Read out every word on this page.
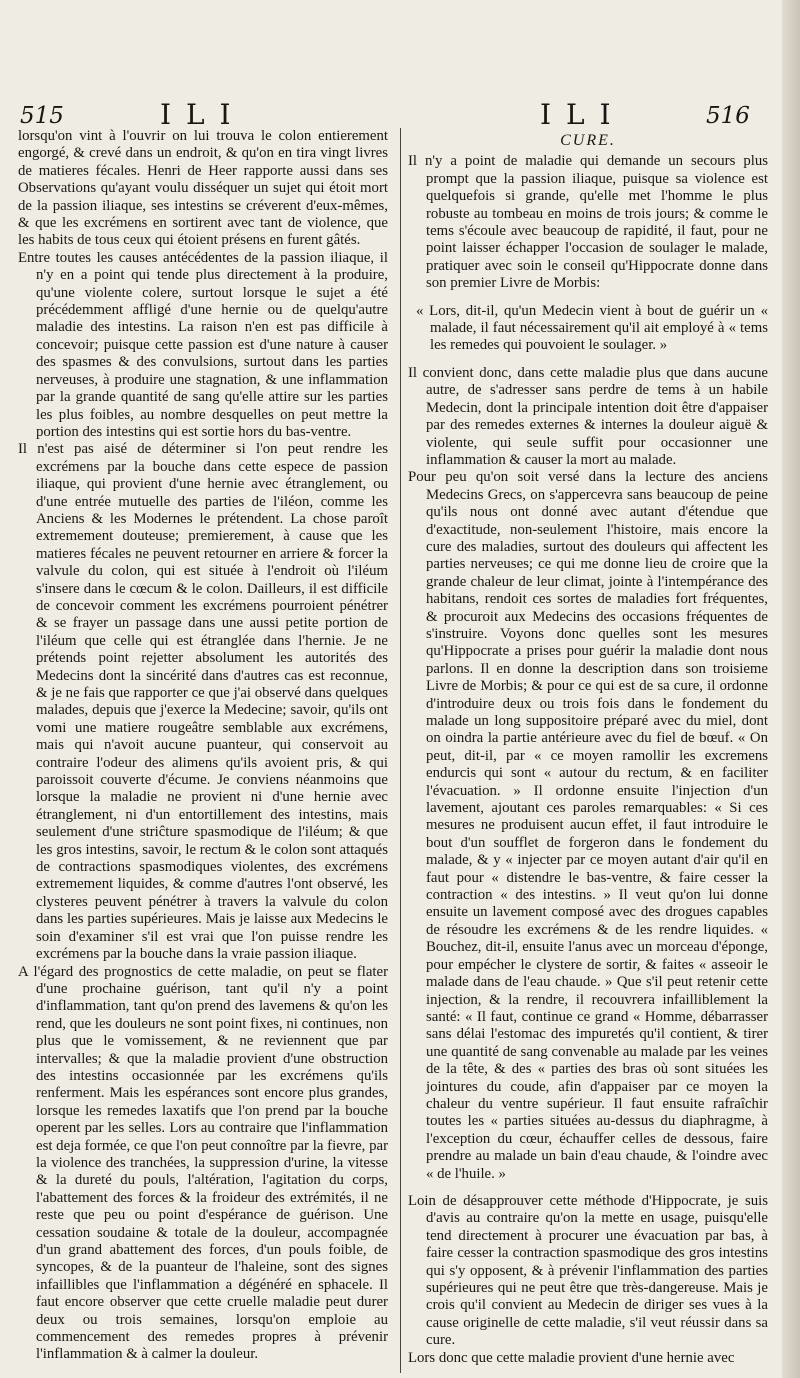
515	I L I	I L I	516

lorsqu'on vint à l'ouvrir on lui trouva le colon entierement engorgé, & crevé dans un endroit, & qu'on en tira vingt livres de matieres fécales. Henri de Heer rapporte aussi dans ses Observations qu'ayant voulu disséquer un sujet qui étoit mort de la passion iliaque, ses intestins se créverent d'eux-mêmes, & que les excrémens en sortirent avec tant de violence, que les habits de tous ceux qui étoient présens en furent gâtés.

Entre toutes les causes antécédentes de la passion iliaque, il n'y en a point qui tende plus directement à la produire, qu'une violente colere, surtout lorsque le sujet a été précédemment affligé d'une hernie ou de quelqu'autre maladie des intestins. La raison n'en est pas difficile à concevoir; puisque cette passion est d'une nature à causer des spasmes & des convulsions, surtout dans les parties nerveuses, à produire une stagnation, & une inflammation par la grande quantité de sang qu'elle attire sur les parties les plus foibles, au nombre desquelles on peut mettre la portion des intestins qui est sortie hors du bas-ventre.

Il n'est pas aisé de déterminer si l'on peut rendre les excrémens par la bouche dans cette espece de passion iliaque, qui provient d'une hernie avec étranglement, ou d'une entrée mutuelle des parties de l'iléon, comme les Anciens & les Modernes le prétendent. La chose paroît extremement douteuse; premierement, à cause que les matieres fécales ne peuvent retourner en arriere & forcer la valvule du colon, qui est située à l'endroit où l'iléum s'insere dans le cœcum & le colon. Dailleurs, il est difficile de concevoir comment les excrémens pourroient pénétrer & se frayer un passage dans une aussi petite portion de l'iléum que celle qui est étranglée dans l'hernie. Je ne prétends point rejetter absolument les autorités des Medecins dont la sincérité dans d'autres cas est reconnue, & je ne fais que rapporter ce que j'ai observé dans quelques malades, depuis que j'exerce la Medecine; savoir, qu'ils ont vomi une matiere rougeâtre semblable aux excrémens, mais qui n'avoit aucune puanteur, qui conservoit au contraire l'odeur des alimens qu'ils avoient pris, & qui paroissoit couverte d'écume. Je conviens néanmoins que lorsque la maladie ne provient ni d'une hernie avec étranglement, ni d'un entortillement des intestins, mais seulement d'une striĉture spasmodique de l'iléum; & que les gros intestins, savoir, le rectum & le colon sont attaqués de contractions spasmodiques violentes, des excrémens extremement liquides, & comme d'autres l'ont observé, les clysteres peuvent pénétrer à travers la valvule du colon dans les parties supérieures. Mais je laisse aux Medecins le soin d'examiner s'il est vrai que l'on puisse rendre les excrémens par la bouche dans la vraie passion iliaque.

A l'égard des prognostics de cette maladie, on peut se flater d'une prochaine guérison, tant qu'il n'y a point d'inflammation, tant qu'on prend des lavemens & qu'on les rend, que les douleurs ne sont point fixes, ni continues, non plus que le vomissement, & ne reviennent que par intervalles; & que la maladie provient d'une obstruction des intestins occasionnée par les excrémens qu'ils renferment. Mais les espérances sont encore plus grandes, lorsque les remedes laxatifs que l'on prend par la bouche operent par les selles. Lors au contraire que l'inflammation est deja formée, ce que l'on peut connoître par la fievre, par la violence des tranchées, la suppression d'urine, la vitesse & la dureté du pouls, l'altération, l'agitation du corps, l'abattement des forces & la froideur des extrémités, il ne reste que peu ou point d'espérance de guérison. Une cessation soudaine & totale de la douleur, accompagnée d'un grand abattement des forces, d'un pouls foible, de syncopes, & de la puanteur de l'haleine, sont des signes infaillibles que l'inflammation a dégénéré en sphacele. Il faut encore observer que cette cruelle maladie peut durer deux ou trois semaines, lorsqu'on emploie au commencement des remedes propres à prévenir l'inflammation & à calmer la douleur.

CURE.

Il n'y a point de maladie qui demande un secours plus prompt que la passion iliaque, puisque sa violence est quelquefois si grande, qu'elle met l'homme le plus robuste au tombeau en moins de trois jours; & comme le tems s'écoule avec beaucoup de rapidité, il faut, pour ne point laisser échapper l'occasion de soulager le malade, pratiquer avec soin le conseil qu'Hippocrate donne dans son premier Livre de Morbis:

« Lors, dit-il, qu'un Medecin vient à bout de guérir un « malade, il faut nécessairement qu'il ait employé à « tems les remedes qui pouvoient le soulager. »

Il convient donc, dans cette maladie plus que dans aucune autre, de s'adresser sans perdre de tems à un habile Medecin, dont la principale intention doit être d'appaiser par des remedes externes & internes la douleur aiguë & violente, qui seule suffit pour occasionner une inflammation & causer la mort au malade.

Pour peu qu'on soit versé dans la lecture des anciens Medecins Grecs, on s'appercevra sans beaucoup de peine qu'ils nous ont donné avec autant d'étendue que d'exactitude, non-seulement l'histoire, mais encore la cure des maladies, surtout des douleurs qui affectent les parties nerveuses; ce qui me donne lieu de croire que la grande chaleur de leur climat, jointe à l'intempérance des habitans, rendoit ces sortes de maladies fort fréquentes, & procuroit aux Medecins des occasions fréquentes de s'instruire. Voyons donc quelles sont les mesures qu'Hippocrate a prises pour guérir la maladie dont nous parlons. Il en donne la description dans son troisieme Livre de Morbis; & pour ce qui est de sa cure, il ordonne d'introduire deux ou trois fois dans le fondement du malade un long suppositoire préparé avec du miel, dont on oindra la partie antérieure avec du fiel de bœuf. « On peut, dit-il, par « ce moyen ramollir les excremens endurcis qui sont « autour du rectum, & en faciliter l'évacuation. » Il ordonne ensuite l'injection d'un lavement, ajoutant ces paroles remarquables: « Si ces mesures ne produisent aucun effet, il faut introduire le bout d'un soufflet de forgeron dans le fondement du malade, & y « injecter par ce moyen autant d'air qu'il en faut pour « distendre le bas-ventre, & faire cesser la contraction « des intestins. » Il veut qu'on lui donne ensuite un lavement composé avec des drogues capables de résoudre les excrémens & de les rendre liquides. « Bouchez, dit-il, ensuite l'anus avec un morceau d'éponge, pour empécher le clystere de sortir, & faites « asseoir le malade dans de l'eau chaude. » Que s'il peut retenir cette injection, & la rendre, il recouvrera infailliblement la santé: « Il faut, continue ce grand « Homme, débarrasser sans délai l'estomac des impuretés qu'il contient, & tirer une quantité de sang convenable au malade par les veines de la tête, & des « parties des bras où sont situées les jointures du coude, afin d'appaiser par ce moyen la chaleur du ventre supérieur. Il faut ensuite rafraîchir toutes les « parties situées au-dessus du diaphragme, à l'exception du cœur, échauffer celles de dessous, faire prendre au malade un bain d'eau chaude, & l'oindre avec « de l'huile. »

Loin de désapprouver cette méthode d'Hippocrate, je suis d'avis au contraire qu'on la mette en usage, puisqu'elle tend directement à procurer une évacuation par bas, à faire cesser la contraction spasmodique des gros intestins qui s'y opposent, & à prévenir l'inflammation des parties supérieures qui ne peut être que très-dangereuse. Mais je crois qu'il convient au Medecin de diriger ses vues à la cause originelle de cette maladie, s'il veut réussir dans sa cure.

Lors donc que cette maladie provient d'une hernie avec
